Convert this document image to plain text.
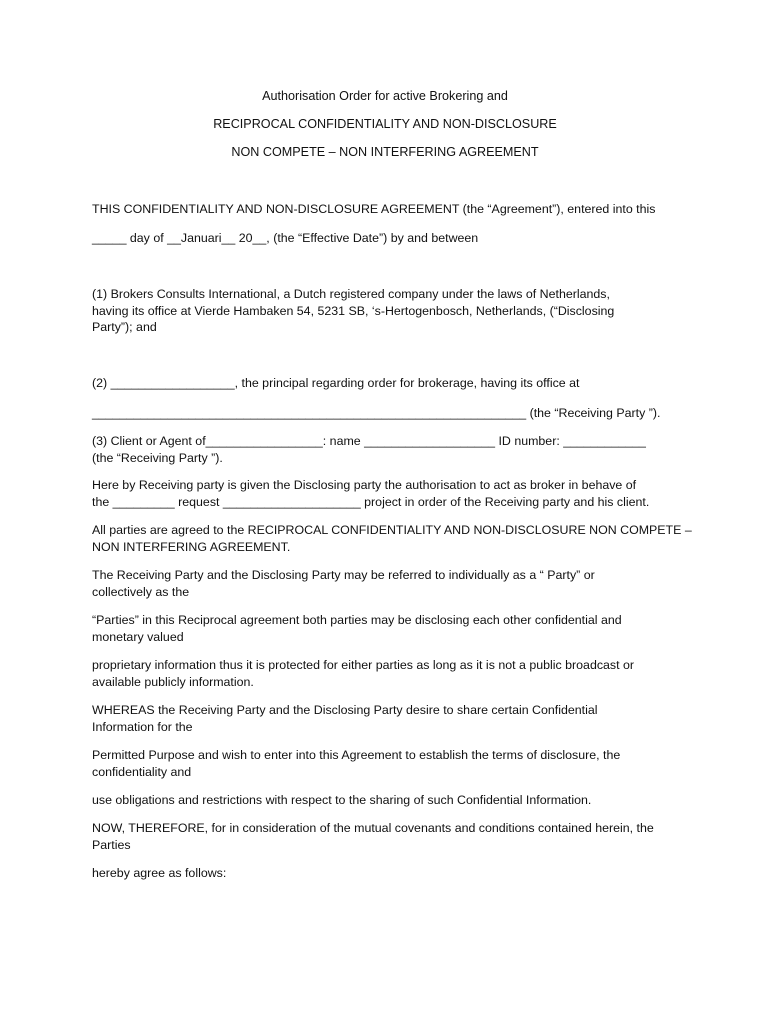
Authorisation Order for active Brokering and
RECIPROCAL CONFIDENTIALITY AND NON-DISCLOSURE
NON COMPETE – NON INTERFERING AGREEMENT
THIS CONFIDENTIALITY AND NON-DISCLOSURE AGREEMENT (the “Agreement”), entered into this
_____ day of __Januari__ 20__, (the “Effective Date”) by and between
(1) Brokers Consults International, a Dutch registered company under the laws of Netherlands,
having its office at Vierde Hambaken 54, 5231 SB, ‘s-Hertogenbosch, Netherlands, (“Disclosing
Party”); and
(2) __________________, the principal regarding order for brokerage, having its office at
_______________________________________________________________ (the “Receiving Party ”).
(3) Client or Agent of_________________: name ___________________ ID number: ____________
(the “Receiving Party ”).
Here by Receiving party is given the Disclosing party the authorisation to act as broker in behave of
the _________ request ____________________ project in order of the Receiving party and his client.
All parties are agreed to the RECIPROCAL CONFIDENTIALITY AND NON-DISCLOSURE NON COMPETE –
NON INTERFERING AGREEMENT.
The Receiving Party and the Disclosing Party may be referred to individually as a “ Party” or
collectively as the
“Parties” in this Reciprocal agreement both parties may be disclosing each other confidential and
monetary valued
proprietary information thus it is protected for either parties as long as it is not a public broadcast or
available publicly information.
WHEREAS the Receiving Party and the Disclosing Party desire to share certain Confidential
Information for the
Permitted Purpose and wish to enter into this Agreement to establish the terms of disclosure, the
confidentiality and
use obligations and restrictions with respect to the sharing of such Confidential Information.
NOW, THEREFORE, for in consideration of the mutual covenants and conditions contained herein, the
Parties
hereby agree as follows:
